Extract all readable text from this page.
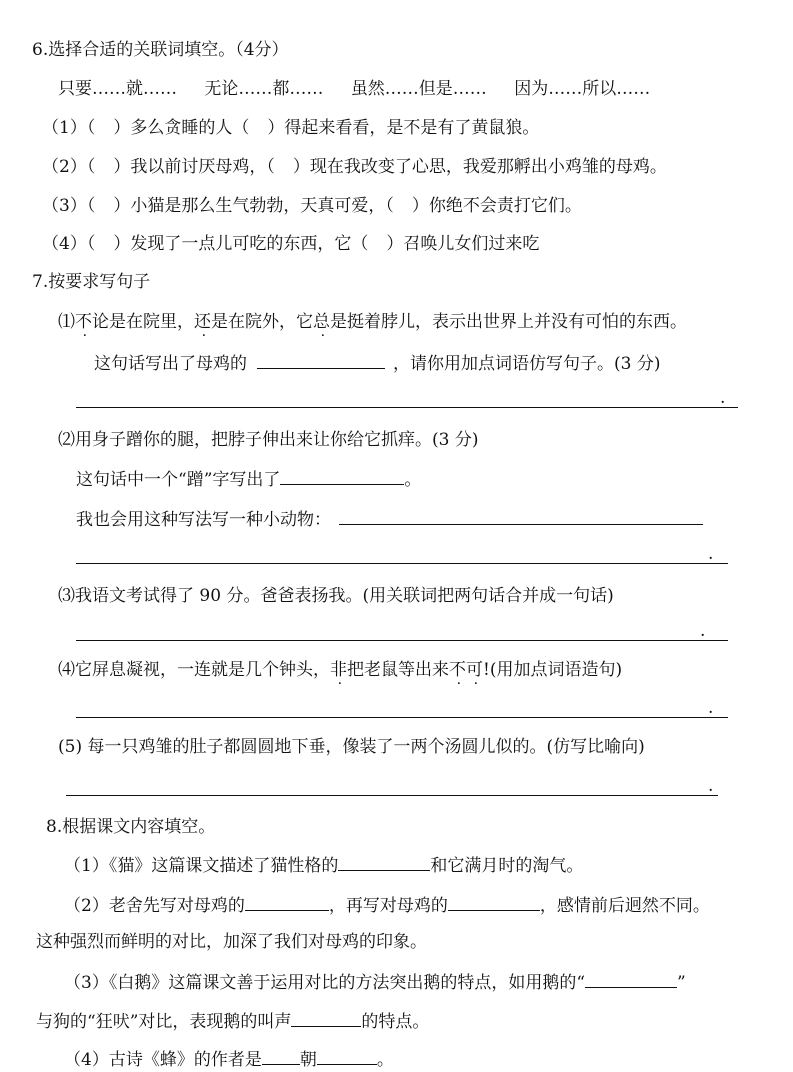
6.选择合适的关联词填空。（4分）
只要……就…… 无论……都…… 虽然……但是…… 因为……所以……
（1）（ ）多么贪睡的人（ ）得起来看看，是不是有了黄鼠狼。
（2）（ ）我以前讨厌母鸡，（ ）现在我改变了心思，我爱那孵出小鸡雏的母鸡。
（3）（ ）小猫是那么生气勃勃，天真可爱，（ ）你绝不会责打它们。
（4）（ ）发现了一点儿可吃的东西，它（ ）召唤儿女们过来吃
7.按要求写句子
⑴不论是在院里，还是在院外，它总是挺着脖儿，表示出世界上并没有可怕的东西。
这句话写出了母鸡的	，请你用加点词语仿写句子。(3 分)
.
⑵用身子蹭你的腿，把脖子伸出来让你给它抓痒。(3 分)
这句话中一个“蹭”字写出了	。
我也会用这种写法写一种小动物：
.
⑶我语文考试得了 90 分。爸爸表扬我。(用关联词把两句话合并成一句话)
.
⑷它屏息凝视，一连就是几个钟头，非把老鼠等出来不可!(用加点词语造句)
.
(5) 每一只鸡雏的肚子都圆圆地下垂，像装了一两个汤圆儿似的。(仿写比喻向)
.
8.根据课文内容填空。
（1）《猫》这篇课文描述了猫性格的	和它满月时的淘气。
（2）老舍先写对母鸡的	，再写对母鸡的	，感情前后迥然不同。
这种强烈而鲜明的对比，加深了我们对母鸡的印象。
（3）《白鹅》这篇课文善于运用对比的方法突出鹅的特点，如用鹅的“	”
与狗的“狂吠”对比，表现鹅的叫声	的特点。
（4）古诗《蜂》的作者是 朝	。
